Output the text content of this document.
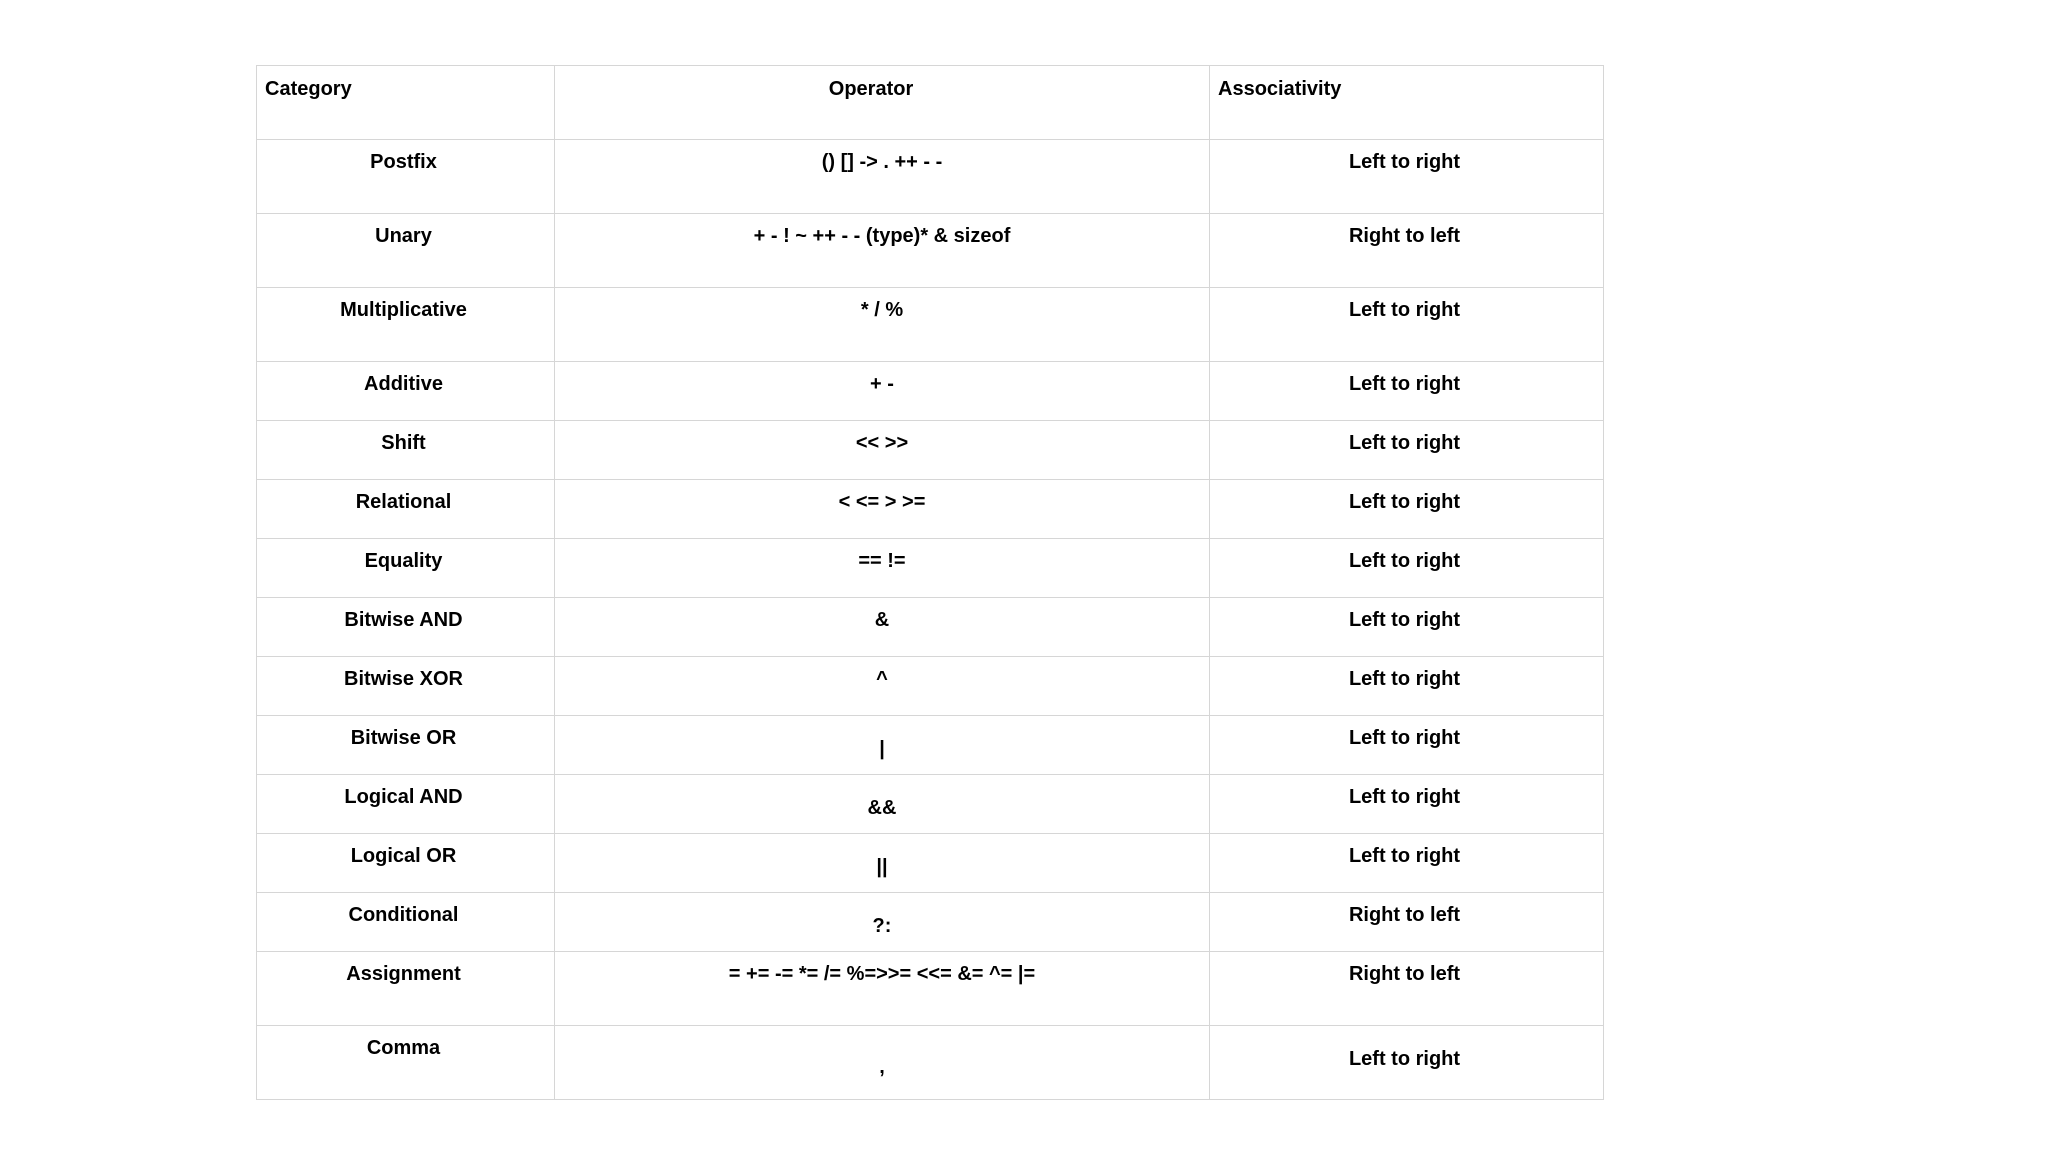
Category	Operator	Associativity
Postfix	() [] -> . ++ - -	Left to right
Unary	+ - ! ~ ++ - - (type)* & sizeof	Right to left
Multiplicative	* / %	Left to right
Additive	+ -	Left to right
Shift	<< >>	Left to right
Relational	< <= > >=	Left to right
Equality	== !=	Left to right
Bitwise AND	&	Left to right
Bitwise XOR	^	Left to right
Bitwise OR	|	Left to right
Logical AND	&&	Left to right
Logical OR	||	Left to right
Conditional	?:	Right to left
Assignment	= += -= *= /= %=>>= <<= &= ^= |=	Right to left
Comma	,	Left to right
